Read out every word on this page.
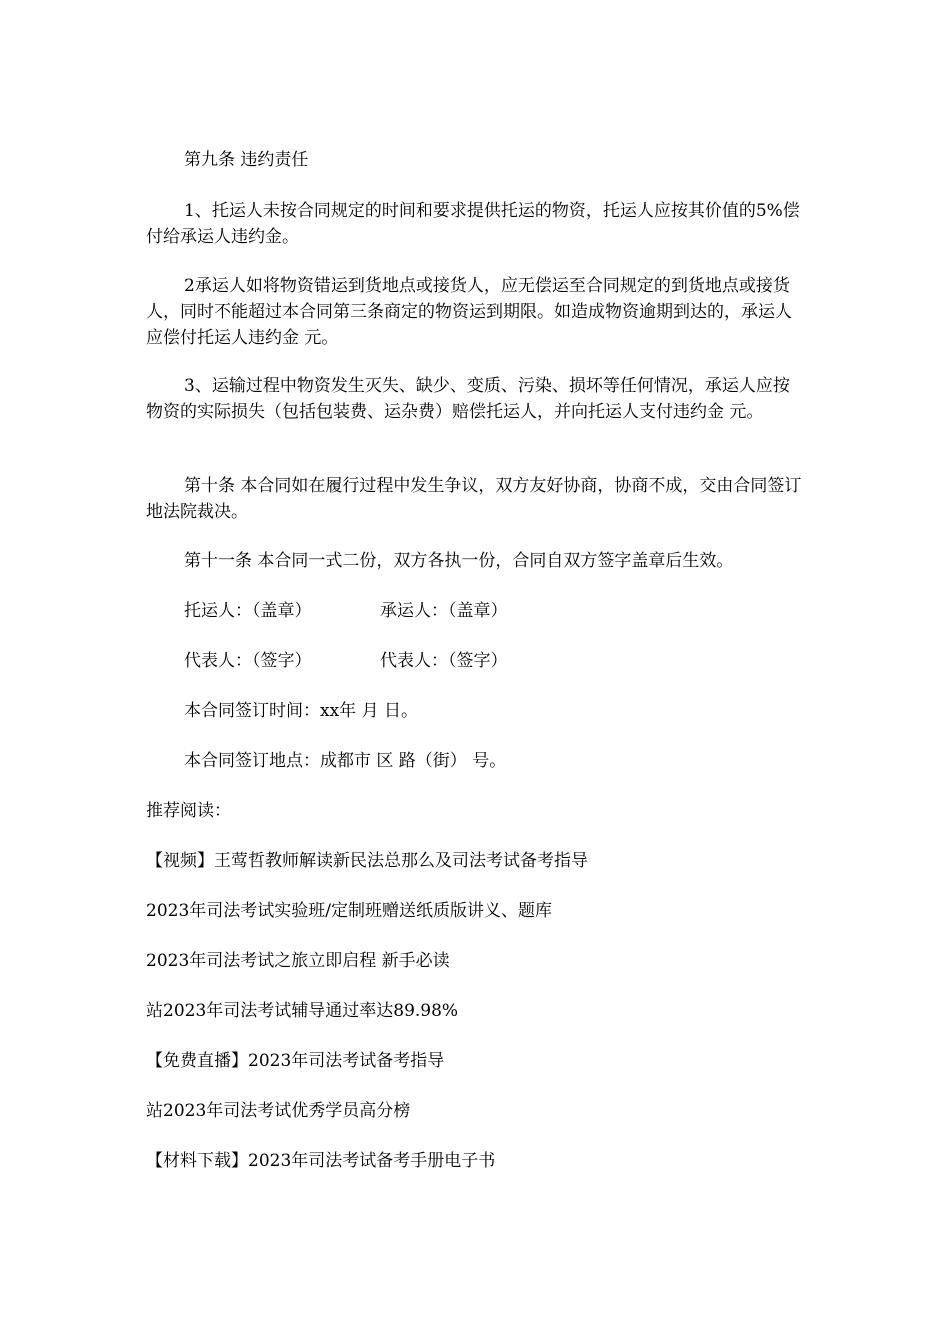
第九条 违约责任

1、托运人未按合同规定的时间和要求提供托运的物资，托运人应按其价值的5%偿付给承运人违约金。

2承运人如将物资错运到货地点或接货人，应无偿运至合同规定的到货地点或接货人，同时不能超过本合同第三条商定的物资运到期限。如造成物资逾期到达的，承运人应偿付托运人违约金 元。

3、运输过程中物资发生灭失、缺少、变质、污染、损坏等任何情况，承运人应按物资的实际损失（包括包装费、运杂费）赔偿托运人，并向托运人支付违约金 元。

第十条 本合同如在履行过程中发生争议，双方友好协商，协商不成，交由合同签订地法院裁决。

第十一条 本合同一式二份，双方各执一份，合同自双方签字盖章后生效。

托运人：（盖章）	承运人：（盖章）

代表人：（签字）	代表人：（签字）

本合同签订时间：xx年 月 日。

本合同签订地点：成都市 区 路（街） 号。

推荐阅读：

【视频】王莺哲教师解读新民法总那么及司法考试备考指导

2023年司法考试实验班/定制班赠送纸质版讲义、题库

2023年司法考试之旅立即启程 新手必读

站2023年司法考试辅导通过率达89.98%

【免费直播】2023年司法考试备考指导

站2023年司法考试优秀学员高分榜

【材料下载】2023年司法考试备考手册电子书
